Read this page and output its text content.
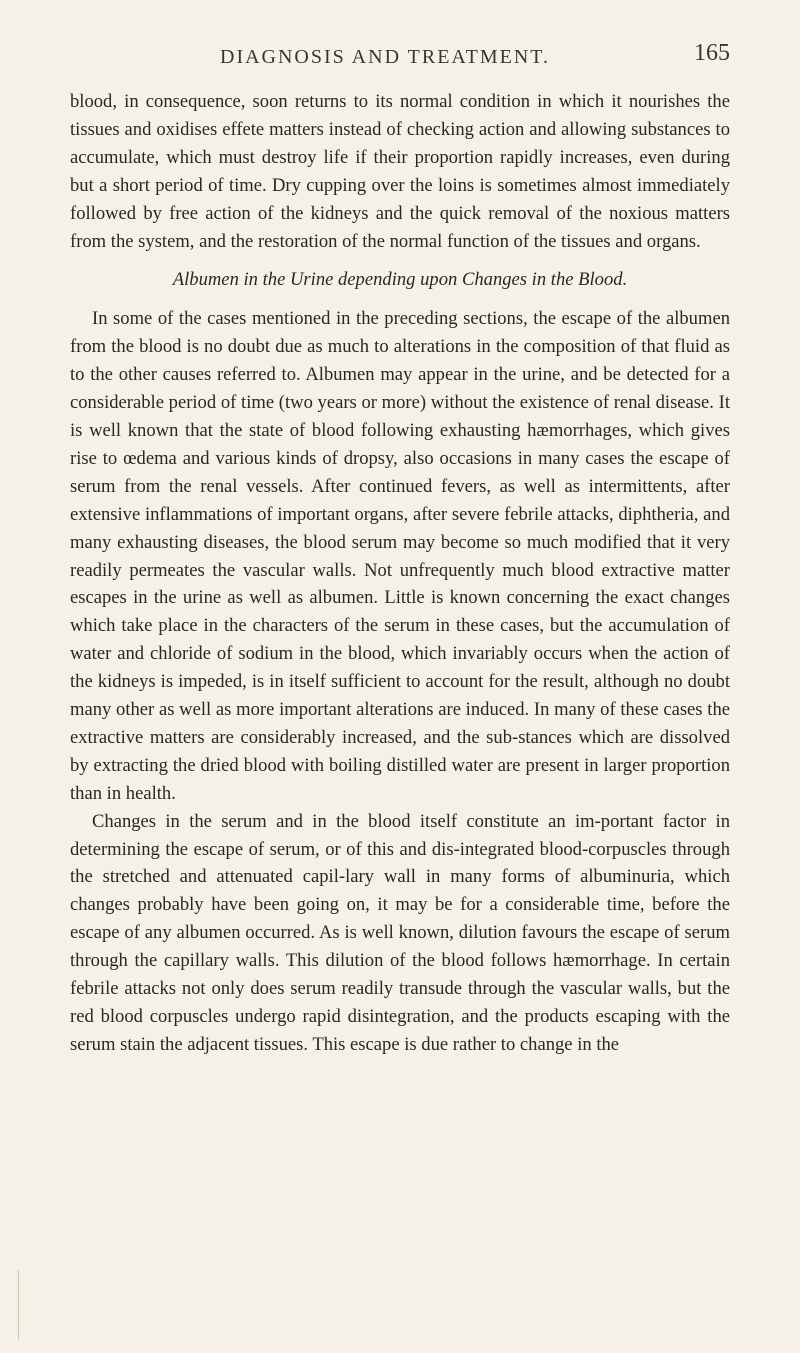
DIAGNOSIS AND TREATMENT.	165

blood, in consequence, soon returns to its normal condition in which it nourishes the tissues and oxidises effete matters instead of checking action and allowing substances to accumulate, which must destroy life if their proportion rapidly increases, even during but a short period of time. Dry cupping over the loins is sometimes almost immediately followed by free action of the kidneys and the quick removal of the noxious matters from the system, and the restoration of the normal function of the tissues and organs.

Albumen in the Urine depending upon Changes in the Blood.

In some of the cases mentioned in the preceding sections, the escape of the albumen from the blood is no doubt due as much to alterations in the composition of that fluid as to the other causes referred to. Albumen may appear in the urine, and be detected for a considerable period of time (two years or more) without the existence of renal disease. It is well known that the state of blood following exhausting hæmorrhages, which gives rise to œdema and various kinds of dropsy, also occasions in many cases the escape of serum from the renal vessels. After continued fevers, as well as intermittents, after extensive inflammations of important organs, after severe febrile attacks, diphtheria, and many exhausting diseases, the blood serum may become so much modified that it very readily permeates the vascular walls. Not unfrequently much blood extractive matter escapes in the urine as well as albumen. Little is known concerning the exact changes which take place in the characters of the serum in these cases, but the accumulation of water and chloride of sodium in the blood, which invariably occurs when the action of the kidneys is impeded, is in itself sufficient to account for the result, although no doubt many other as well as more important alterations are induced. In many of these cases the extractive matters are considerably increased, and the sub-stances which are dissolved by extracting the dried blood with boiling distilled water are present in larger proportion than in health.

Changes in the serum and in the blood itself constitute an im-portant factor in determining the escape of serum, or of this and dis-integrated blood-corpuscles through the stretched and attenuated capil-lary wall in many forms of albuminuria, which changes probably have been going on, it may be for a considerable time, before the escape of any albumen occurred. As is well known, dilution favours the escape of serum through the capillary walls. This dilution of the blood follows hæmorrhage. In certain febrile attacks not only does serum readily transude through the vascular walls, but the red blood corpuscles undergo rapid disintegration, and the products escaping with the serum stain the adjacent tissues. This escape is due rather to change in the
